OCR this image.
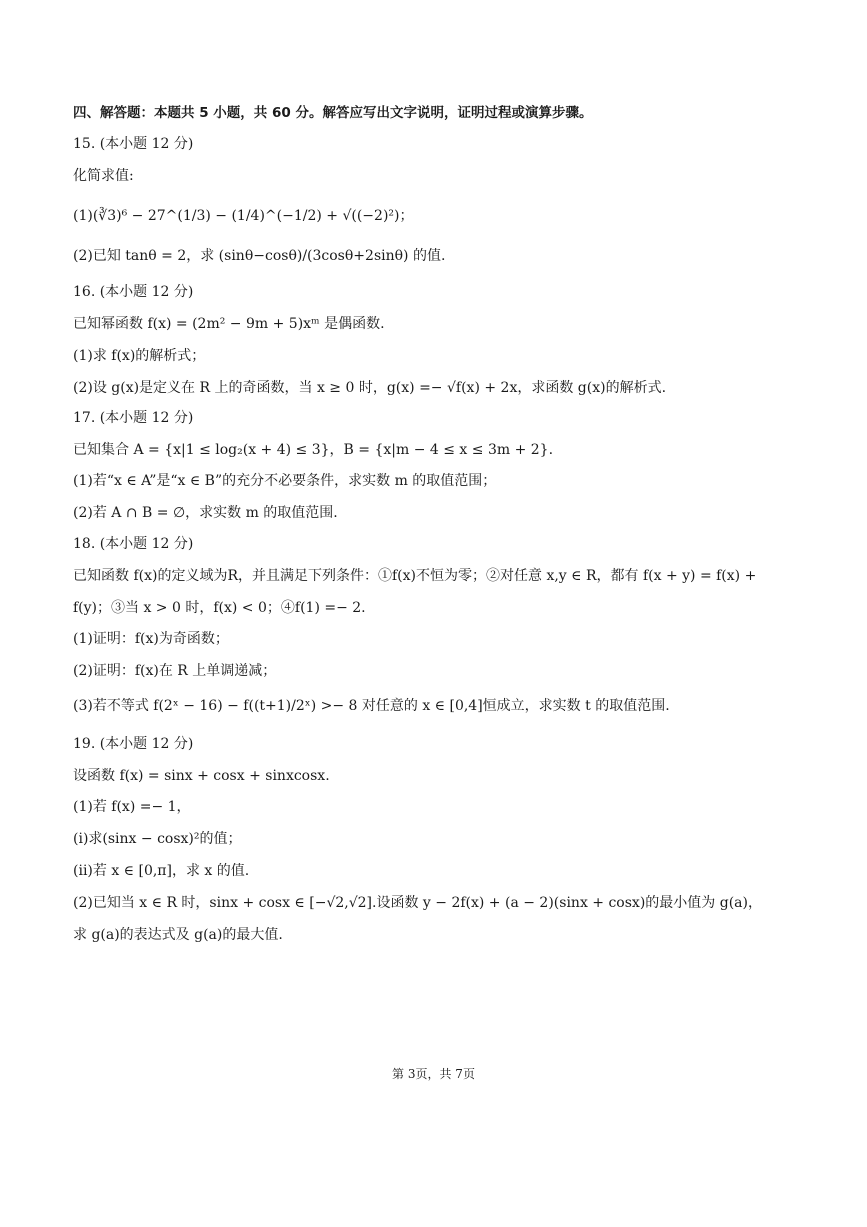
四、解答题：本题共 5 小题，共 60 分。解答应写出文字说明，证明过程或演算步骤。
15. (本小题 12 分)
化简求值:
(1)(∛3)⁶ − 27^(1/3) − (1/4)^(−1/2) + √((−2)²)；
(2)已知 tanθ = 2，求 (sinθ−cosθ)/(3cosθ+2sinθ) 的值.
16. (本小题 12 分)
已知幂函数 f(x) = (2m² − 9m + 5)xᵐ 是偶函数.
(1)求 f(x)的解析式；
(2)设 g(x)是定义在 R 上的奇函数，当 x ≥ 0 时，g(x) =− √f(x) + 2x，求函数 g(x)的解析式.
17. (本小题 12 分)
已知集合 A = {x|1 ≤ log₂(x + 4) ≤ 3}，B = {x|m − 4 ≤ x ≤ 3m + 2}.
(1)若“x ∈ A”是“x ∈ B”的充分不必要条件，求实数 m 的取值范围；
(2)若 A ∩ B = ∅，求实数 m 的取值范围.
18. (本小题 12 分)
已知函数 f(x)的定义域为R，并且满足下列条件：①f(x)不恒为零；②对任意 x,y ∈ R，都有 f(x + y) = f(x) +
f(y)；③当 x > 0 时，f(x) < 0；④f(1) =− 2.
(1)证明：f(x)为奇函数；
(2)证明：f(x)在 R 上单调递减；
(3)若不等式 f(2ˣ − 16) − f((t+1)/2ˣ) >− 8 对任意的 x ∈ [0,4]恒成立，求实数 t 的取值范围.
19. (本小题 12 分)
设函数 f(x) = sinx + cosx + sinxcosx.
(1)若 f(x) =− 1，
(i)求(sinx − cosx)²的值；
(ii)若 x ∈ [0,π]，求 x 的值.
(2)已知当 x ∈ R 时，sinx + cosx ∈ [−√2,√2].设函数 y − 2f(x) + (a − 2)(sinx + cosx)的最小值为 g(a)，
求 g(a)的表达式及 g(a)的最大值.
第 3页，共 7页
